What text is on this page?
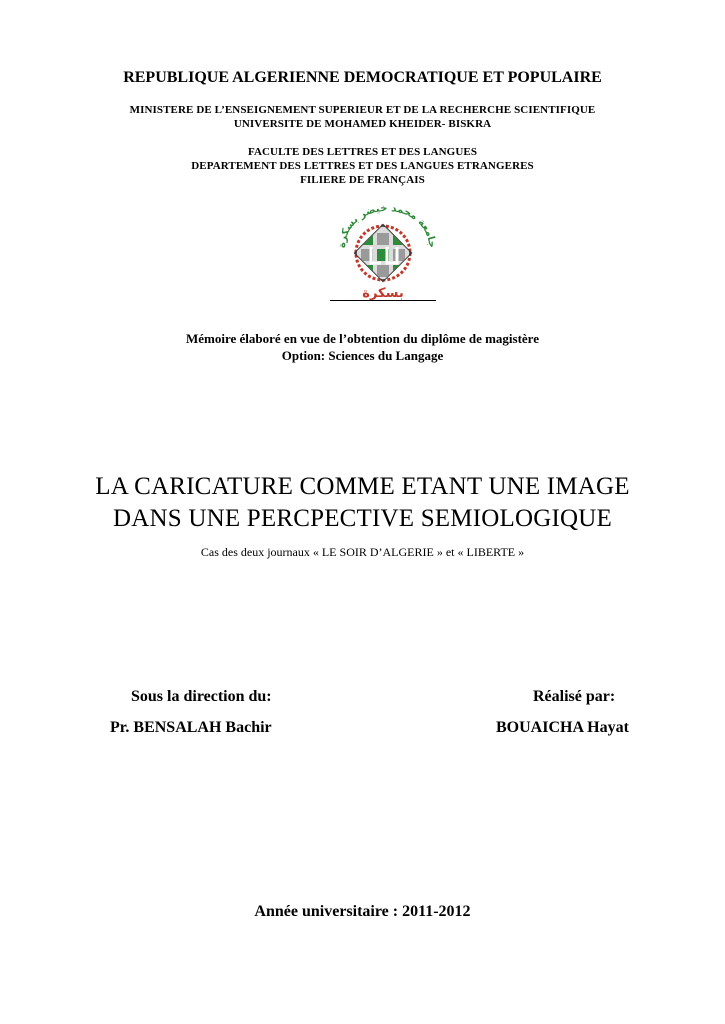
REPUBLIQUE ALGERIENNE DEMOCRATIQUE ET POPULAIRE

MINISTERE DE L’ENSEIGNEMENT SUPERIEUR ET DE LA RECHERCHE SCIENTIFIQUE

UNIVERSITE DE MOHAMED KHEIDER- BISKRA

FACULTE DES LETTRES ET DES LANGUES

DEPARTEMENT DES LETTRES ET DES LANGUES ETRANGERES

FILIERE DE FRANÇAIS

جامعة محمد خيضر بسكرة
بسكرة

Mémoire élaboré en vue de l’obtention du diplôme de magistère

Option: Sciences du Langage

LA CARICATURE COMME ETANT UNE IMAGE
DANS UNE PERCPECTIVE SEMIOLOGIQUE

Cas des deux journaux « LE SOIR D’ALGERIE » et « LIBERTE »

Sous la direction du:

Pr. BENSALAH Bachir

Réalisé par:

BOUAICHA Hayat

Année universitaire : 2011-2012
